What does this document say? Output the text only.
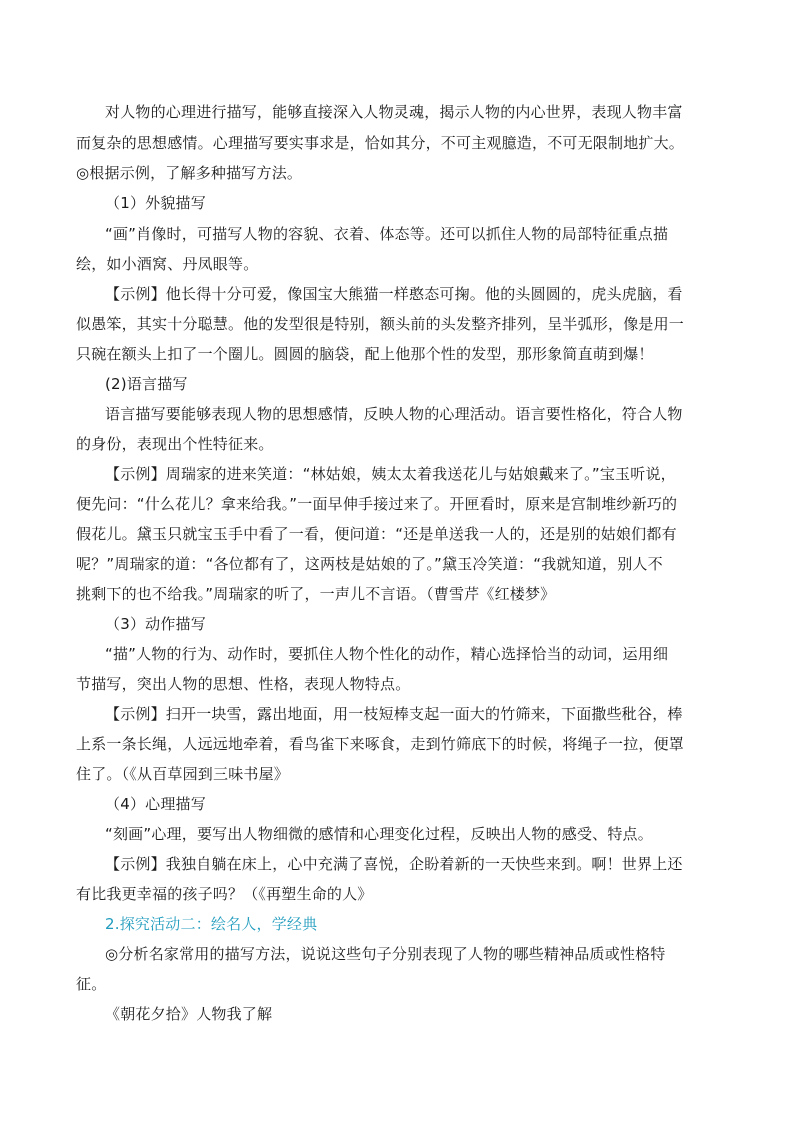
对人物的心理进行描写，能够直接深入人物灵魂，揭示人物的内心世界，表现人物丰富
而复杂的思想感情。心理描写要实事求是，恰如其分，不可主观臆造，不可无限制地扩大。
◎根据示例，了解多种描写方法。
（1）外貌描写
“画”肖像时，可描写人物的容貌、衣着、体态等。还可以抓住人物的局部特征重点描
绘，如小酒窝、丹凤眼等。
【示例】他长得十分可爱，像国宝大熊猫一样憨态可掬。他的头圆圆的，虎头虎脑，看
似愚笨，其实十分聪慧。他的发型很是特别，额头前的头发整齐排列，呈半弧形，像是用一
只碗在额头上扣了一个圈儿。圆圆的脑袋，配上他那个性的发型，那形象简直萌到爆！
(2)语言描写
语言描写要能够表现人物的思想感情，反映人物的心理活动。语言要性格化，符合人物
的身份，表现出个性特征来。
【示例】周瑞家的进来笑道：“林姑娘，姨太太着我送花儿与姑娘戴来了。”宝玉听说，
便先问：“什么花儿？拿来给我。”一面早伸手接过来了。开匣看时，原来是宫制堆纱新巧的
假花儿。黛玉只就宝玉手中看了一看，便问道：“还是单送我一人的，还是别的姑娘们都有
呢？”周瑞家的道：“各位都有了，这两枝是姑娘的了。”黛玉冷笑道：“我就知道，别人不
挑剩下的也不给我。”周瑞家的听了，一声儿不言语。（曹雪芹《红楼梦》
（3）动作描写
“描”人物的行为、动作时，要抓住人物个性化的动作，精心选择恰当的动词，运用细
节描写，突出人物的思想、性格，表现人物特点。
【示例】扫开一块雪，露出地面，用一枝短棒支起一面大的竹筛来，下面撒些秕谷，棒
上系一条长绳，人远远地牵着，看鸟雀下来啄食，走到竹筛底下的时候，将绳子一拉，便罩
住了。（《从百草园到三味书屋》
（4）心理描写
“刻画”心理，要写出人物细微的感情和心理变化过程，反映出人物的感受、特点。
【示例】我独自躺在床上，心中充满了喜悦，企盼着新的一天快些来到。啊！世界上还
有比我更幸福的孩子吗？（《再塑生命的人》
2.探究活动二：绘名人，学经典
◎分析名家常用的描写方法，说说这些句子分别表现了人物的哪些精神品质或性格特
征。
《朝花夕拾》人物我了解
